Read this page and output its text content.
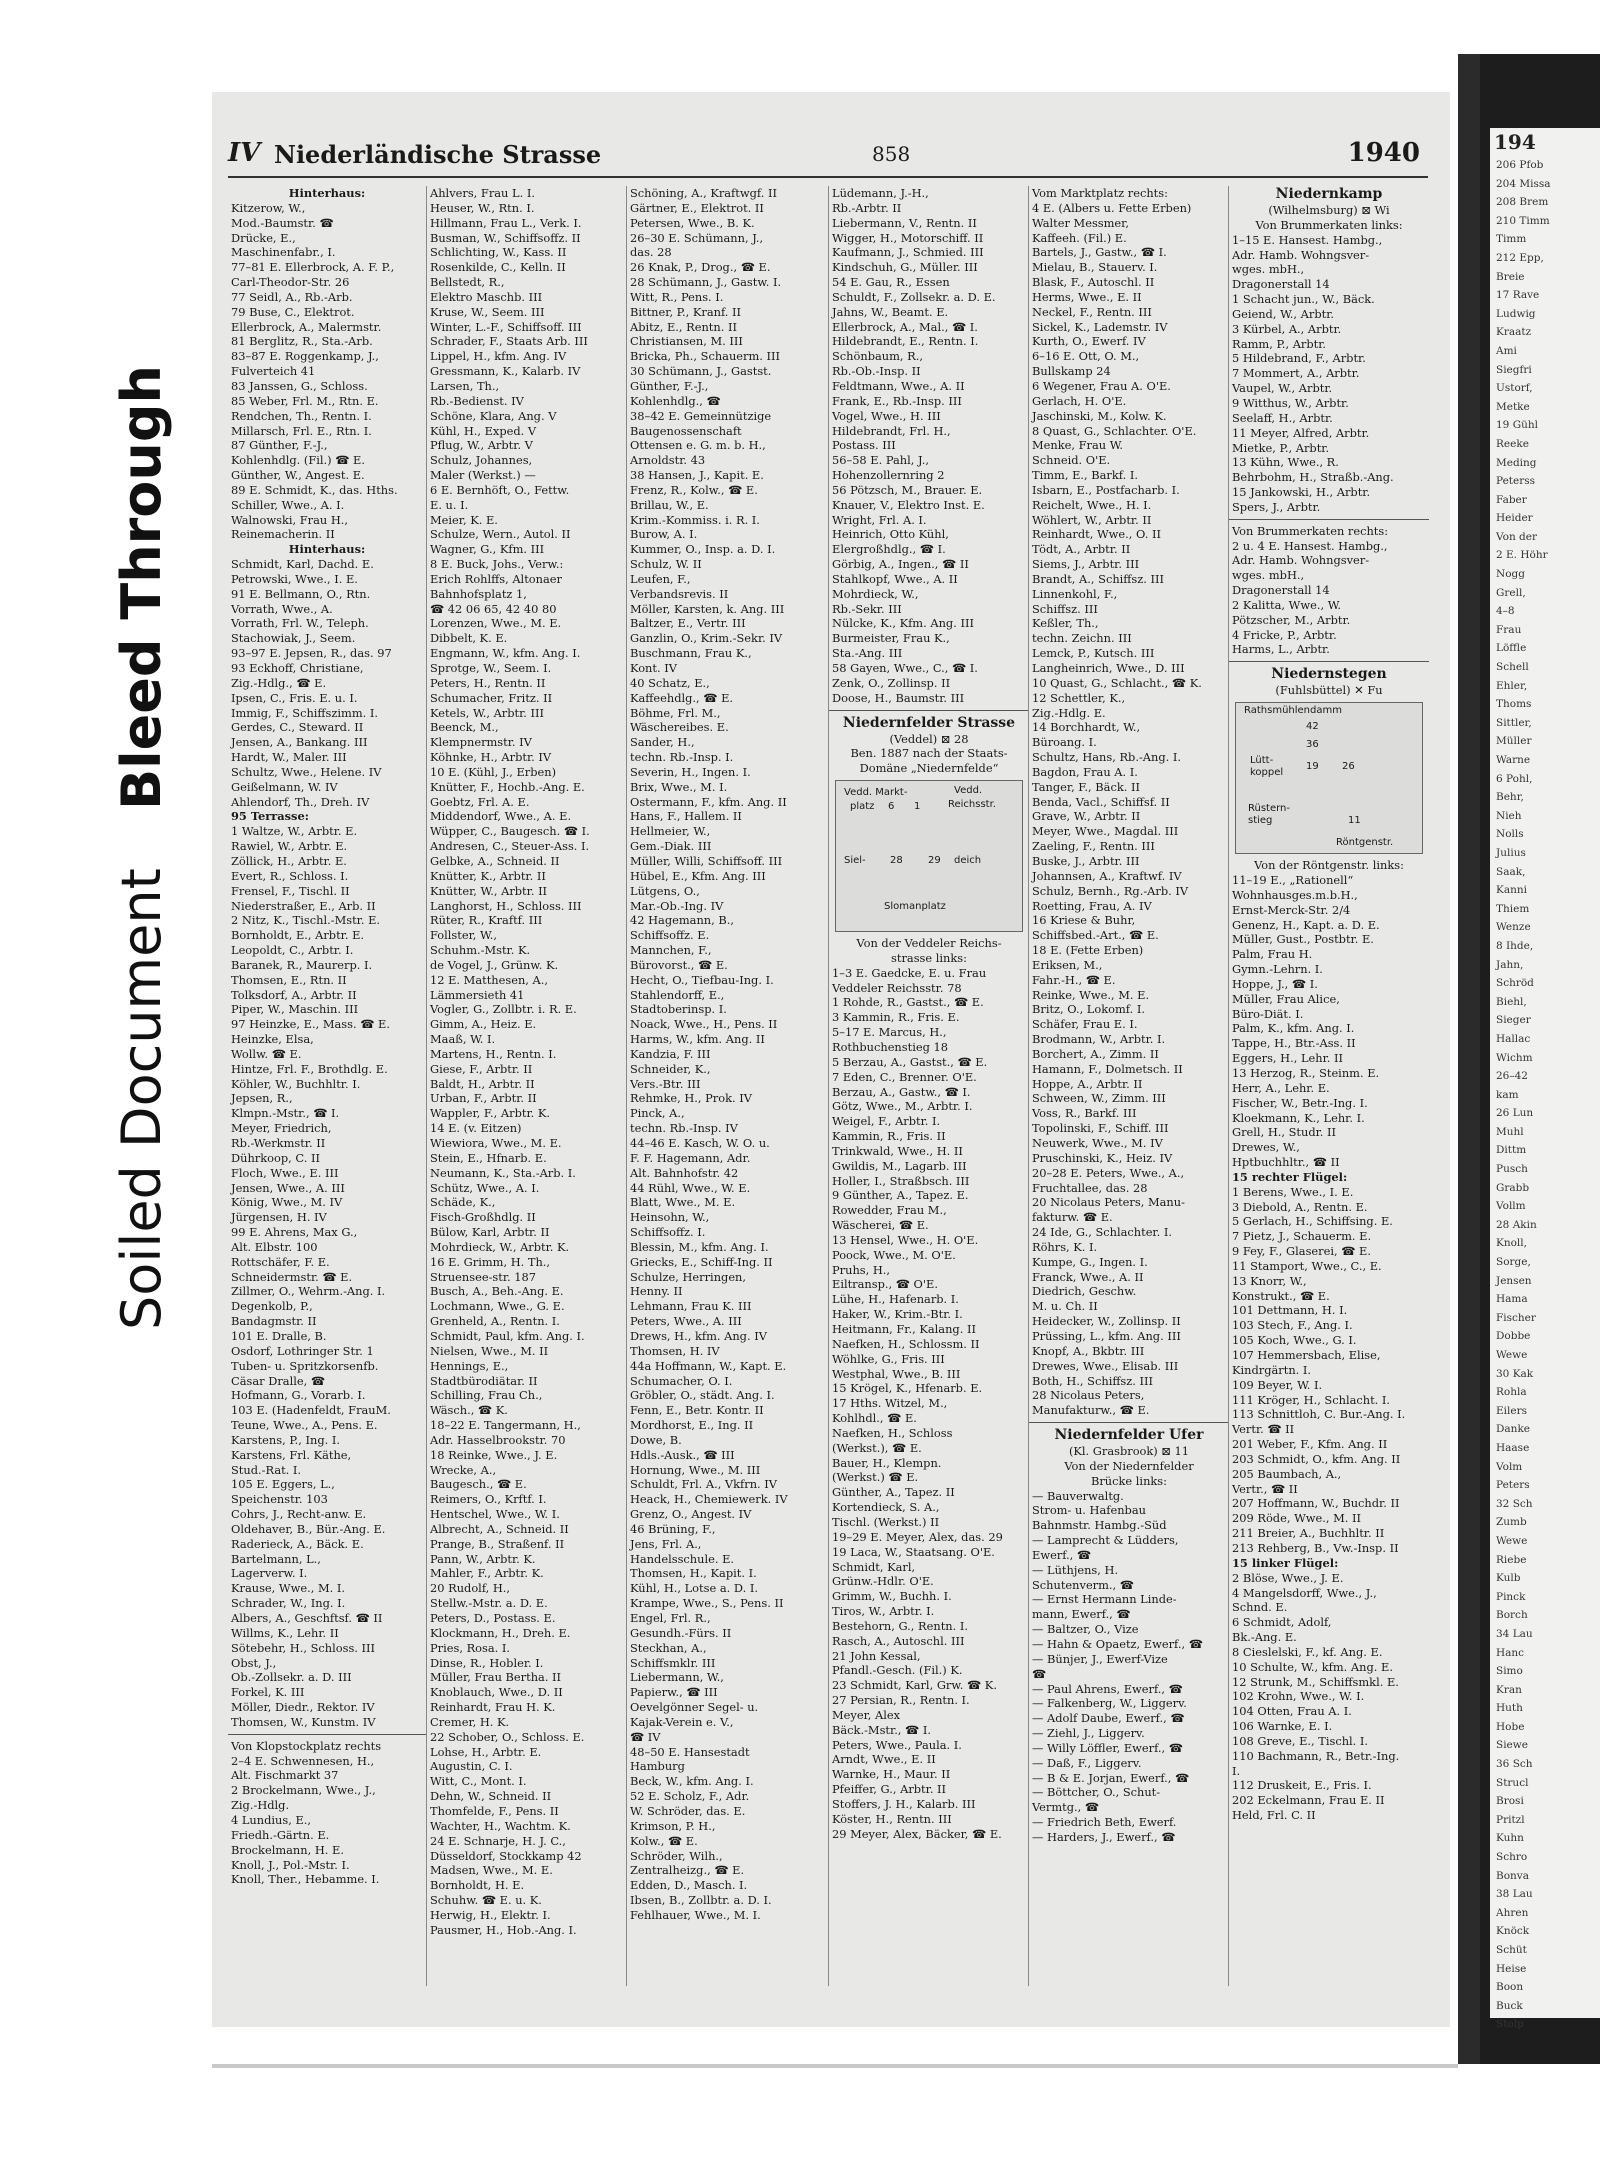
194
206 Pfob
204 Missa
208 Brem
210 Timm
Timm
212 Epp,
Breie
17 Rave
Ludwig
Kraatz
Ami
Siegfri
Ustorf,
Metke
19 Gühl
Reeke
Meding
Peterss
Faber
Heider
Von der
2 E. Höhr
Nogg
Grell,
4–8
Frau
Löffle
Schell
Ehler,
Thoms
Sittler,
Müller
Warne
6 Pohl,
Behr,
Nieh
Nolls
Julius
Saak,
Kanni
Thiem
Wenze
8 Ihde,
Jahn,
Schröd
Biehl,
Sieger
Hallac
Wichm
26–42
kam
26 Lun
Muhl
Dittm
Pusch
Grabb
Vollm
28 Akin
Knoll,
Sorge,
Jensen
Hama
Fischer
Dobbe
Wewe
30 Kak
Rohla
Eilers
Danke
Haase
Volm
Peters
32 Sch
Zumb
Wewe
Riebe
Kulb
Pinck
Borch
34 Lau
Hanc
Simo
Kran
Huth
Hobe
Siewe
36 Sch
Strucl
Brosi
Pritzl
Kuhn
Schro
Bonva
38 Lau
Ahren
Knöck
Schüt
Heise
Boon
Buck
Stolp
Soiled Document
Bleed Through
IV Niederländische Strasse	858	1940
Hinterhaus:
Kitzerow, W.,
Mod.-Baumstr. ☎
Drücke, E.,
Maschinenfabr., I.
77–81 E. Ellerbrock, A. F. P.,
Carl-Theodor-Str. 26
77 Seidl, A., Rb.-Arb.
79 Buse, C., Elektrot.
Ellerbrock, A., Malermstr.
81 Berglitz, R., Sta.-Arb.
83–87 E. Roggenkamp, J.,
Fulverteich 41
83 Janssen, G., Schloss.
85 Weber, Frl. M., Rtn. E.
Rendchen, Th., Rentn. I.
Millarsch, Frl. E., Rtn. I.
87 Günther, F.-J.,
Kohlenhdlg. (Fil.) ☎ E.
Günther, W., Angest. E.
89 E. Schmidt, K., das. Hths.
Schiller, Wwe., A. I.
Walnowski, Frau H.,
Reinemacherin. II
Hinterhaus:
Schmidt, Karl, Dachd. E.
Petrowski, Wwe., I. E.
91 E. Bellmann, O., Rtn.
Vorrath, Wwe., A.
Vorrath, Frl. W., Teleph.
Stachowiak, J., Seem.
93–97 E. Jepsen, R., das. 97
93 Eckhoff, Christiane,
Zig.-Hdlg., ☎ E.
Ipsen, C., Fris. E. u. I.
Immig, F., Schiffszimm. I.
Gerdes, C., Steward. II
Jensen, A., Bankang. III
Hardt, W., Maler. III
Schultz, Wwe., Helene. IV
Geißelmann, W. IV
Ahlendorf, Th., Dreh. IV
95 Terrasse:
1 Waltze, W., Arbtr. E.
Rawiel, W., Arbtr. E.
Zöllick, H., Arbtr. E.
Evert, R., Schloss. I.
Frensel, F., Tischl. II
Niederstraßer, E., Arb. II
2 Nitz, K., Tischl.-Mstr. E.
Bornholdt, E., Arbtr. E.
Leopoldt, C., Arbtr. I.
Baranek, R., Maurerp. I.
Thomsen, E., Rtn. II
Tolksdorf, A., Arbtr. II
Piper, W., Maschin. III
97 Heinzke, E., Mass. ☎ E.
Heinzke, Elsa,
Wollw. ☎ E.
Hintze, Frl. F., Brothdlg. E.
Köhler, W., Buchhltr. I.
Jepsen, R.,
Klmpn.-Mstr., ☎ I.
Meyer, Friedrich,
Rb.-Werkmstr. II
Dührkoop, C. II
Floch, Wwe., E. III
Jensen, Wwe., A. III
König, Wwe., M. IV
Jürgensen, H. IV
99 E. Ahrens, Max G.,
Alt. Elbstr. 100
Rottschäfer, F. E.
Schneidermstr. ☎ E.
Zillmer, O., Wehrm.-Ang. I.
Degenkolb, P.,
Bandagmstr. II
101 E. Dralle, B.
Osdorf, Lothringer Str. 1
Tuben- u. Spritzkorsenfb.
Cäsar Dralle, ☎
Hofmann, G., Vorarb. I.
103 E. (Hadenfeldt, FrauM.
Teune, Wwe., A., Pens. E.
Karstens, P., Ing. I.
Karstens, Frl. Käthe,
Stud.-Rat. I.
105 E. Eggers, L.,
Speichenstr. 103
Cohrs, J., Recht-anw. E.
Oldehaver, B., Bür.-Ang. E.
Raderieck, A., Bäck. E.
Bartelmann, L.,
Lagerverw. I.
Krause, Wwe., M. I.
Schrader, W., Ing. I.
Albers, A., Geschftsf. ☎ II
Willms, K., Lehr. II
Sötebehr, H., Schloss. III
Obst, J.,
Ob.-Zollsekr. a. D. III
Forkel, K. III
Möller, Diedr., Rektor. IV
Thomsen, W., Kunstm. IV
Von Klopstockplatz rechts
2–4 E. Schwennesen, H.,
Alt. Fischmarkt 37
2 Brockelmann, Wwe., J.,
Zig.-Hdlg.
4 Lundius, E.,
Friedh.-Gärtn. E.
Brockelmann, H. E.
Knoll, J., Pol.-Mstr. I.
Knoll, Ther., Hebamme. I.
Ahlvers, Frau L. I.
Heuser, W., Rtn. I.
Hillmann, Frau L., Verk. I.
Busman, W., Schiffsoffz. II
Schlichting, W., Kass. II
Rosenkilde, C., Kelln. II
Bellstedt, R.,
Elektro Maschb. III
Kruse, W., Seem. III
Winter, L.-F., Schiffsoff. III
Schrader, F., Staats Arb. III
Lippel, H., kfm. Ang. IV
Gressmann, K., Kalarb. IV
Larsen, Th.,
Rb.-Bedienst. IV
Schöne, Klara, Ang. V
Kühl, H., Exped. V
Pflug, W., Arbtr. V
Schulz, Johannes,
Maler (Werkst.) —
6 E. Bernhöft, O., Fettw.
E. u. I.
Meier, K. E.
Schulze, Wern., Autol. II
Wagner, G., Kfm. III
8 E. Buck, Johs., Verw.:
Erich Rohlffs, Altonaer
Bahnhofsplatz 1,
☎ 42 06 65, 42 40 80
Lorenzen, Wwe., M. E.
Dibbelt, K. E.
Engmann, W., kfm. Ang. I.
Sprotge, W., Seem. I.
Peters, H., Rentn. II
Schumacher, Fritz. II
Ketels, W., Arbtr. III
Beenck, M.,
Klempnermstr. IV
Köhnke, H., Arbtr. IV
10 E. (Kühl, J., Erben)
Knütter, F., Hochb.-Ang. E.
Goebtz, Frl. A. E.
Middendorf, Wwe., A. E.
Wüpper, C., Baugesch. ☎ I.
Andresen, C., Steuer-Ass. I.
Gelbke, A., Schneid. II
Knütter, K., Arbtr. II
Knütter, W., Arbtr. II
Langhorst, H., Schloss. III
Rüter, R., Kraftf. III
Follster, W.,
Schuhm.-Mstr. K.
de Vogel, J., Grünw. K.
12 E. Matthesen, A.,
Lämmersieth 41
Vogler, G., Zollbtr. i. R. E.
Gimm, A., Heiz. E.
Maaß, W. I.
Martens, H., Rentn. I.
Giese, F., Arbtr. II
Baldt, H., Arbtr. II
Urban, F., Arbtr. II
Wappler, F., Arbtr. K.
14 E. (v. Eitzen)
Wiewiora, Wwe., M. E.
Stein, E., Hfnarb. E.
Neumann, K., Sta.-Arb. I.
Schütz, Wwe., A. I.
Schäde, K.,
Fisch-Großhdlg. II
Bülow, Karl, Arbtr. II
Mohrdieck, W., Arbtr. K.
16 E. Grimm, H. Th.,
Struensee-str. 187
Busch, A., Beh.-Ang. E.
Lochmann, Wwe., G. E.
Grenheld, A., Rentn. I.
Schmidt, Paul, kfm. Ang. I.
Nielsen, Wwe., M. II
Hennings, E.,
Stadtbürodiätar. II
Schilling, Frau Ch.,
Wäsch., ☎ K.
18–22 E. Tangermann, H.,
Adr. Hasselbrookstr. 70
18 Reinke, Wwe., J. E.
Wrecke, A.,
Baugesch., ☎ E.
Reimers, O., Krftf. I.
Hentschel, Wwe., W. I.
Albrecht, A., Schneid. II
Prange, B., Straßenf. II
Pann, W., Arbtr. K.
Mahler, F., Arbtr. K.
20 Rudolf, H.,
Stellw.-Mstr. a. D. E.
Peters, D., Postass. E.
Klockmann, H., Dreh. E.
Pries, Rosa. I.
Dinse, R., Hobler. I.
Müller, Frau Bertha. II
Knoblauch, Wwe., D. II
Reinhardt, Frau H. K.
Cremer, H. K.
22 Schober, O., Schloss. E.
Lohse, H., Arbtr. E.
Augustin, C. I.
Witt, C., Mont. I.
Dehn, W., Schneid. II
Thomfelde, F., Pens. II
Wachter, H., Wachtm. K.
24 E. Schnarje, H. J. C.,
Düsseldorf, Stockkamp 42
Madsen, Wwe., M. E.
Bornholdt, H. E.
Schuhw. ☎ E. u. K.
Herwig, H., Elektr. I.
Pausmer, H., Hob.-Ang. I.
Schöning, A., Kraftwgf. II
Gärtner, E., Elektrot. II
Petersen, Wwe., B. K.
26–30 E. Schümann, J.,
das. 28
26 Knak, P., Drog., ☎ E.
28 Schümann, J., Gastw. I.
Witt, R., Pens. I.
Bittner, P., Kranf. II
Abitz, E., Rentn. II
Christiansen, M. III
Bricka, Ph., Schauerm. III
30 Schümann, J., Gastst.
Günther, F.-J.,
Kohlenhdlg., ☎
38–42 E. Gemeinnützige
Baugenossenschaft
Ottensen e. G. m. b. H.,
Arnoldstr. 43
38 Hansen, J., Kapit. E.
Frenz, R., Kolw., ☎ E.
Brillau, W., E.
Krim.-Kommiss. i. R. I.
Burow, A. I.
Kummer, O., Insp. a. D. I.
Schulz, W. II
Leufen, F.,
Verbandsrevis. II
Möller, Karsten, k. Ang. III
Baltzer, E., Vertr. III
Ganzlin, O., Krim.-Sekr. IV
Buschmann, Frau K.,
Kont. IV
40 Schatz, E.,
Kaffeehdlg., ☎ E.
Böhme, Frl. M.,
Wäschereibes. E.
Sander, H.,
techn. Rb.-Insp. I.
Severin, H., Ingen. I.
Brix, Wwe., M. I.
Ostermann, F., kfm. Ang. II
Hans, F., Hallem. II
Hellmeier, W.,
Gem.-Diak. III
Müller, Willi, Schiffsoff. III
Hübel, E., Kfm. Ang. III
Lütgens, O.,
Mar.-Ob.-Ing. IV
42 Hagemann, B.,
Schiffsoffz. E.
Mannchen, F.,
Bürovorst., ☎ E.
Hecht, O., Tiefbau-Ing. I.
Stahlendorff, E.,
Stadtoberinsp. I.
Noack, Wwe., H., Pens. II
Harms, W., kfm. Ang. II
Kandzia, F. III
Schneider, K.,
Vers.-Btr. III
Rehmke, H., Prok. IV
Pinck, A.,
techn. Rb.-Insp. IV
44–46 E. Kasch, W. O. u.
F. F. Hagemann, Adr.
Alt. Bahnhofstr. 42
44 Rühl, Wwe., W. E.
Blatt, Wwe., M. E.
Heinsohn, W.,
Schiffsoffz. I.
Blessin, M., kfm. Ang. I.
Griecks, E., Schiff-Ing. II
Schulze, Herringen,
Henny. II
Lehmann, Frau K. III
Peters, Wwe., A. III
Drews, H., kfm. Ang. IV
Thomsen, H. IV
44a Hoffmann, W., Kapt. E.
Schumacher, O. I.
Gröbler, O., städt. Ang. I.
Fenn, E., Betr. Kontr. II
Mordhorst, E., Ing. II
Dowe, B.
Hdls.-Ausk., ☎ III
Hornung, Wwe., M. III
Schuldt, Frl. A., Vkfrn. IV
Heack, H., Chemiewerk. IV
Grenz, O., Angest. IV
46 Brüning, F.,
Jens, Frl. A.,
Handelsschule. E.
Thomsen, H., Kapit. I.
Kühl, H., Lotse a. D. I.
Krampe, Wwe., S., Pens. II
Engel, Frl. R.,
Gesundh.-Fürs. II
Steckhan, A.,
Schiffsmklr. III
Liebermann, W.,
Papierw., ☎ III
Oevelgönner Segel- u.
Kajak-Verein e. V.,
☎ IV
48–50 E. Hansestadt
Hamburg
Beck, W., kfm. Ang. I.
52 E. Scholz, F., Adr.
W. Schröder, das. E.
Krimson, P. H.,
Kolw., ☎ E.
Schröder, Wilh.,
Zentralheizg., ☎ E.
Edden, D., Masch. I.
Ibsen, B., Zollbtr. a. D. I.
Fehlhauer, Wwe., M. I.
Lüdemann, J.-H.,
Rb.-Arbtr. II
Liebermann, V., Rentn. II
Wigger, H., Motorschiff. II
Kaufmann, J., Schmied. III
Kindschuh, G., Müller. III
54 E. Gau, R., Essen
Schuldt, F., Zollsekr. a. D. E.
Jahns, W., Beamt. E.
Ellerbrock, A., Mal., ☎ I.
Hildebrandt, E., Rentn. I.
Schönbaum, R.,
Rb.-Ob.-Insp. II
Feldtmann, Wwe., A. II
Frank, E., Rb.-Insp. III
Vogel, Wwe., H. III
Hildebrandt, Frl. H.,
Postass. III
56–58 E. Pahl, J.,
Hohenzollernring 2
56 Pötzsch, M., Brauer. E.
Knauer, V., Elektro Inst. E.
Wright, Frl. A. I.
Heinrich, Otto Kühl,
Elergroßhdlg., ☎ I.
Görbig, A., Ingen., ☎ II
Stahlkopf, Wwe., A. II
Mohrdieck, W.,
Rb.-Sekr. III
Nülcke, K., Kfm. Ang. III
Burmeister, Frau K.,
Sta.-Ang. III
58 Gayen, Wwe., C., ☎ I.
Zenk, O., Zollinsp. II
Doose, H., Baumstr. III
Niedernfelder Strasse
(Veddel) ⊠ 28
Ben. 1887 nach der Staats-
Domäne „Niedernfelde“
Vedd. Markt-
platz 6 1
Vedd.
Reichsstr.
Siel- 28	29 deich
Slomanplatz
Von der Veddeler Reichs-
strasse links:
1–3 E. Gaedcke, E. u. Frau
Veddeler Reichsstr. 78
1 Rohde, R., Gastst., ☎ E.
3 Kammin, R., Fris. E.
5–17 E. Marcus, H.,
Rothbuchenstieg 18
5 Berzau, A., Gastst., ☎ E.
7 Eden, C., Brenner. O'E.
Berzau, A., Gastw., ☎ I.
Götz, Wwe., M., Arbtr. I.
Weigel, F., Arbtr. I.
Kammin, R., Fris. II
Trinkwald, Wwe., H. II
Gwildis, M., Lagarb. III
Holler, I., Straßbsch. III
9 Günther, A., Tapez. E.
Rowedder, Frau M.,
Wäscherei, ☎ E.
13 Hensel, Wwe., H. O'E.
Poock, Wwe., M. O'E.
Pruhs, H.,
Eiltransp., ☎ O'E.
Lühe, H., Hafenarb. I.
Haker, W., Krim.-Btr. I.
Heitmann, Fr., Kalang. II
Naefken, H., Schlossm. II
Wöhlke, G., Fris. III
Westphal, Wwe., B. III
15 Krögel, K., Hfenarb. E.
17 Hths. Witzel, M.,
Kohlhdl., ☎ E.
Naefken, H., Schloss
(Werkst.), ☎ E.
Bauer, H., Klempn.
(Werkst.) ☎ E.
Günther, A., Tapez. II
Kortendieck, S. A.,
Tischl. (Werkst.) II
19–29 E. Meyer, Alex, das. 29
19 Laca, W., Staatsang. O'E.
Schmidt, Karl,
Grünw.-Hdlr. O'E.
Grimm, W., Buchh. I.
Tiros, W., Arbtr. I.
Bestehorn, G., Rentn. I.
Rasch, A., Autoschl. III
21 John Kessal,
Pfandl.-Gesch. (Fil.) K.
23 Schmidt, Karl, Grw. ☎ K.
27 Persian, R., Rentn. I.
Meyer, Alex
Bäck.-Mstr., ☎ I.
Peters, Wwe., Paula. I.
Arndt, Wwe., E. II
Warnke, H., Maur. II
Pfeiffer, G., Arbtr. II
Stoffers, J. H., Kalarb. III
Köster, H., Rentn. III
29 Meyer, Alex, Bäcker, ☎ E.
Vom Marktplatz rechts:
4 E. (Albers u. Fette Erben)
Walter Messmer,
Kaffeeh. (Fil.) E.
Bartels, J., Gastw., ☎ I.
Mielau, B., Stauerv. I.
Blask, F., Autoschl. II
Herms, Wwe., E. II
Neckel, F., Rentn. III
Sickel, K., Lademstr. IV
Kurth, O., Ewerf. IV
6–16 E. Ott, O. M.,
Bullskamp 24
6 Wegener, Frau A. O'E.
Gerlach, H. O'E.
Jaschinski, M., Kolw. K.
8 Quast, G., Schlachter. O'E.
Menke, Frau W.
Schneid. O'E.
Timm, E., Barkf. I.
Isbarn, E., Postfacharb. I.
Reichelt, Wwe., H. I.
Wöhlert, W., Arbtr. II
Reinhardt, Wwe., O. II
Tödt, A., Arbtr. II
Siems, J., Arbtr. III
Brandt, A., Schiffsz. III
Linnenkohl, F.,
Schiffsz. III
Keßler, Th.,
techn. Zeichn. III
Lemck, P., Kutsch. III
Langheinrich, Wwe., D. III
10 Quast, G., Schlacht., ☎ K.
12 Schettler, K.,
Zig.-Hdlg. E.
14 Borchhardt, W.,
Büroang. I.
Schultz, Hans, Rb.-Ang. I.
Bagdon, Frau A. I.
Tanger, F., Bäck. II
Benda, Vacl., Schiffsf. II
Grave, W., Arbtr. II
Meyer, Wwe., Magdal. III
Zaeling, F., Rentn. III
Buske, J., Arbtr. III
Johannsen, A., Kraftwf. IV
Schulz, Bernh., Rg.-Arb. IV
Roetting, Frau, A. IV
16 Kriese & Buhr,
Schiffsbed.-Art., ☎ E.
18 E. (Fette Erben)
Eriksen, M.,
Fahr.-H., ☎ E.
Reinke, Wwe., M. E.
Britz, O., Lokomf. I.
Schäfer, Frau E. I.
Brodmann, W., Arbtr. I.
Borchert, A., Zimm. II
Hamann, F., Dolmetsch. II
Hoppe, A., Arbtr. II
Schween, W., Zimm. III
Voss, R., Barkf. III
Topolinski, F., Schiff. III
Neuwerk, Wwe., M. IV
Pruschinski, K., Heiz. IV
20–28 E. Peters, Wwe., A.,
Fruchtallee, das. 28
20 Nicolaus Peters, Manu-
fakturw. ☎ E.
24 Ide, G., Schlachter. I.
Röhrs, K. I.
Kumpe, G., Ingen. I.
Franck, Wwe., A. II
Diedrich, Geschw.
M. u. Ch. II
Heidecker, W., Zollinsp. II
Prüssing, L., kfm. Ang. III
Knopf, A., Bkbtr. III
Drewes, Wwe., Elisab. III
Both, H., Schiffsz. III
28 Nicolaus Peters,
Manufakturw., ☎ E.
Niedernfelder Ufer
(Kl. Grasbrook) ⊠ 11
Von der Niedernfelder
Brücke links:
— Bauverwaltg.
Strom- u. Hafenbau
Bahnmstr. Hambg.-Süd
— Lamprecht & Lüdders,
Ewerf., ☎
— Lüthjens, H.
Schutenverm., ☎
— Ernst Hermann Linde-
mann, Ewerf., ☎
— Baltzer, O., Vize
— Hahn & Opaetz, Ewerf., ☎
— Bünjer, J., Ewerf-Vize
☎
— Paul Ahrens, Ewerf., ☎
— Falkenberg, W., Liggerv.
— Adolf Daube, Ewerf., ☎
— Ziehl, J., Liggerv.
— Willy Löffler, Ewerf., ☎
— Daß, F., Liggerv.
— B & E. Jorjan, Ewerf., ☎
— Böttcher, O., Schut-
Vermtg., ☎
— Friedrich Beth, Ewerf.
— Harders, J., Ewerf., ☎
Niedernkamp
(Wilhelmsburg) ⊠ Wi
Von Brummerkaten links:
1–15 E. Hansest. Hambg.,
Adr. Hamb. Wohngsver-
wges. mbH.,
Dragonerstall 14
1 Schacht jun., W., Bäck.
Geiend, W., Arbtr.
3 Kürbel, A., Arbtr.
Ramm, P., Arbtr.
5 Hildebrand, F., Arbtr.
7 Mommert, A., Arbtr.
Vaupel, W., Arbtr.
9 Witthus, W., Arbtr.
Seelaff, H., Arbtr.
11 Meyer, Alfred, Arbtr.
Mietke, P., Arbtr.
13 Kühn, Wwe., R.
Behrbohm, H., Straßb.-Ang.
15 Jankowski, H., Arbtr.
Spers, J., Arbtr.
Von Brummerkaten rechts:
2 u. 4 E. Hansest. Hambg.,
Adr. Hamb. Wohngsver-
wges. mbH.,
Dragonerstall 14
2 Kalitta, Wwe., W.
Pötzscher, M., Arbtr.
4 Fricke, P., Arbtr.
Harms, L., Arbtr.
Niedernstegen
(Fuhlsbüttel) ✕ Fu
Rathsmühlendamm
42
36
Lütt-
koppel
19 26
Rüstern-
stieg	11
Röntgenstr.
Von der Röntgenstr. links:
11–19 E., „Rationell“
Wohnhausges.m.b.H.,
Ernst-Merck-Str. 2/4
Genenz, H., Kapt. a. D. E.
Müller, Gust., Postbtr. E.
Palm, Frau H.
Gymn.-Lehrn. I.
Hoppe, J., ☎ I.
Müller, Frau Alice,
Büro-Diät. I.
Palm, K., kfm. Ang. I.
Tappe, H., Btr.-Ass. II
Eggers, H., Lehr. II
13 Herzog, R., Steinm. E.
Herr, A., Lehr. E.
Fischer, W., Betr.-Ing. I.
Kloekmann, K., Lehr. I.
Grell, H., Studr. II
Drewes, W.,
Hptbuchhltr., ☎ II
15 rechter Flügel:
1 Berens, Wwe., I. E.
3 Diebold, A., Rentn. E.
5 Gerlach, H., Schiffsing. E.
7 Pietz, J., Schauerm. E.
9 Fey, F., Glaserei, ☎ E.
11 Stamport, Wwe., C., E.
13 Knorr, W.,
Konstrukt., ☎ E.
101 Dettmann, H. I.
103 Stech, F., Ang. I.
105 Koch, Wwe., G. I.
107 Hemmersbach, Elise,
Kindrgärtn. I.
109 Beyer, W. I.
111 Kröger, H., Schlacht. I.
113 Schnittloh, C. Bur.-Ang. I.
Vertr. ☎ II
201 Weber, F., Kfm. Ang. II
203 Schmidt, O., kfm. Ang. II
205 Baumbach, A.,
Vertr., ☎ II
207 Hoffmann, W., Buchdr. II
209 Röde, Wwe., M. II
211 Breier, A., Buchhltr. II
213 Rehberg, B., Vw.-Insp. II
15 linker Flügel:
2 Blöse, Wwe., J. E.
4 Mangelsdorff, Wwe., J.,
Schnd. E.
6 Schmidt, Adolf,
Bk.-Ang. E.
8 Cieslelski, F., kf. Ang. E.
10 Schulte, W., kfm. Ang. E.
12 Strunk, M., Schiffsmkl. E.
102 Krohn, Wwe., W. I.
104 Otten, Frau A. I.
106 Warnke, E. I.
108 Greve, E., Tischl. I.
110 Bachmann, R., Betr.-Ing.
I.
112 Druskeit, E., Fris. I.
202 Eckelmann, Frau E. II
Held, Frl. C. II
